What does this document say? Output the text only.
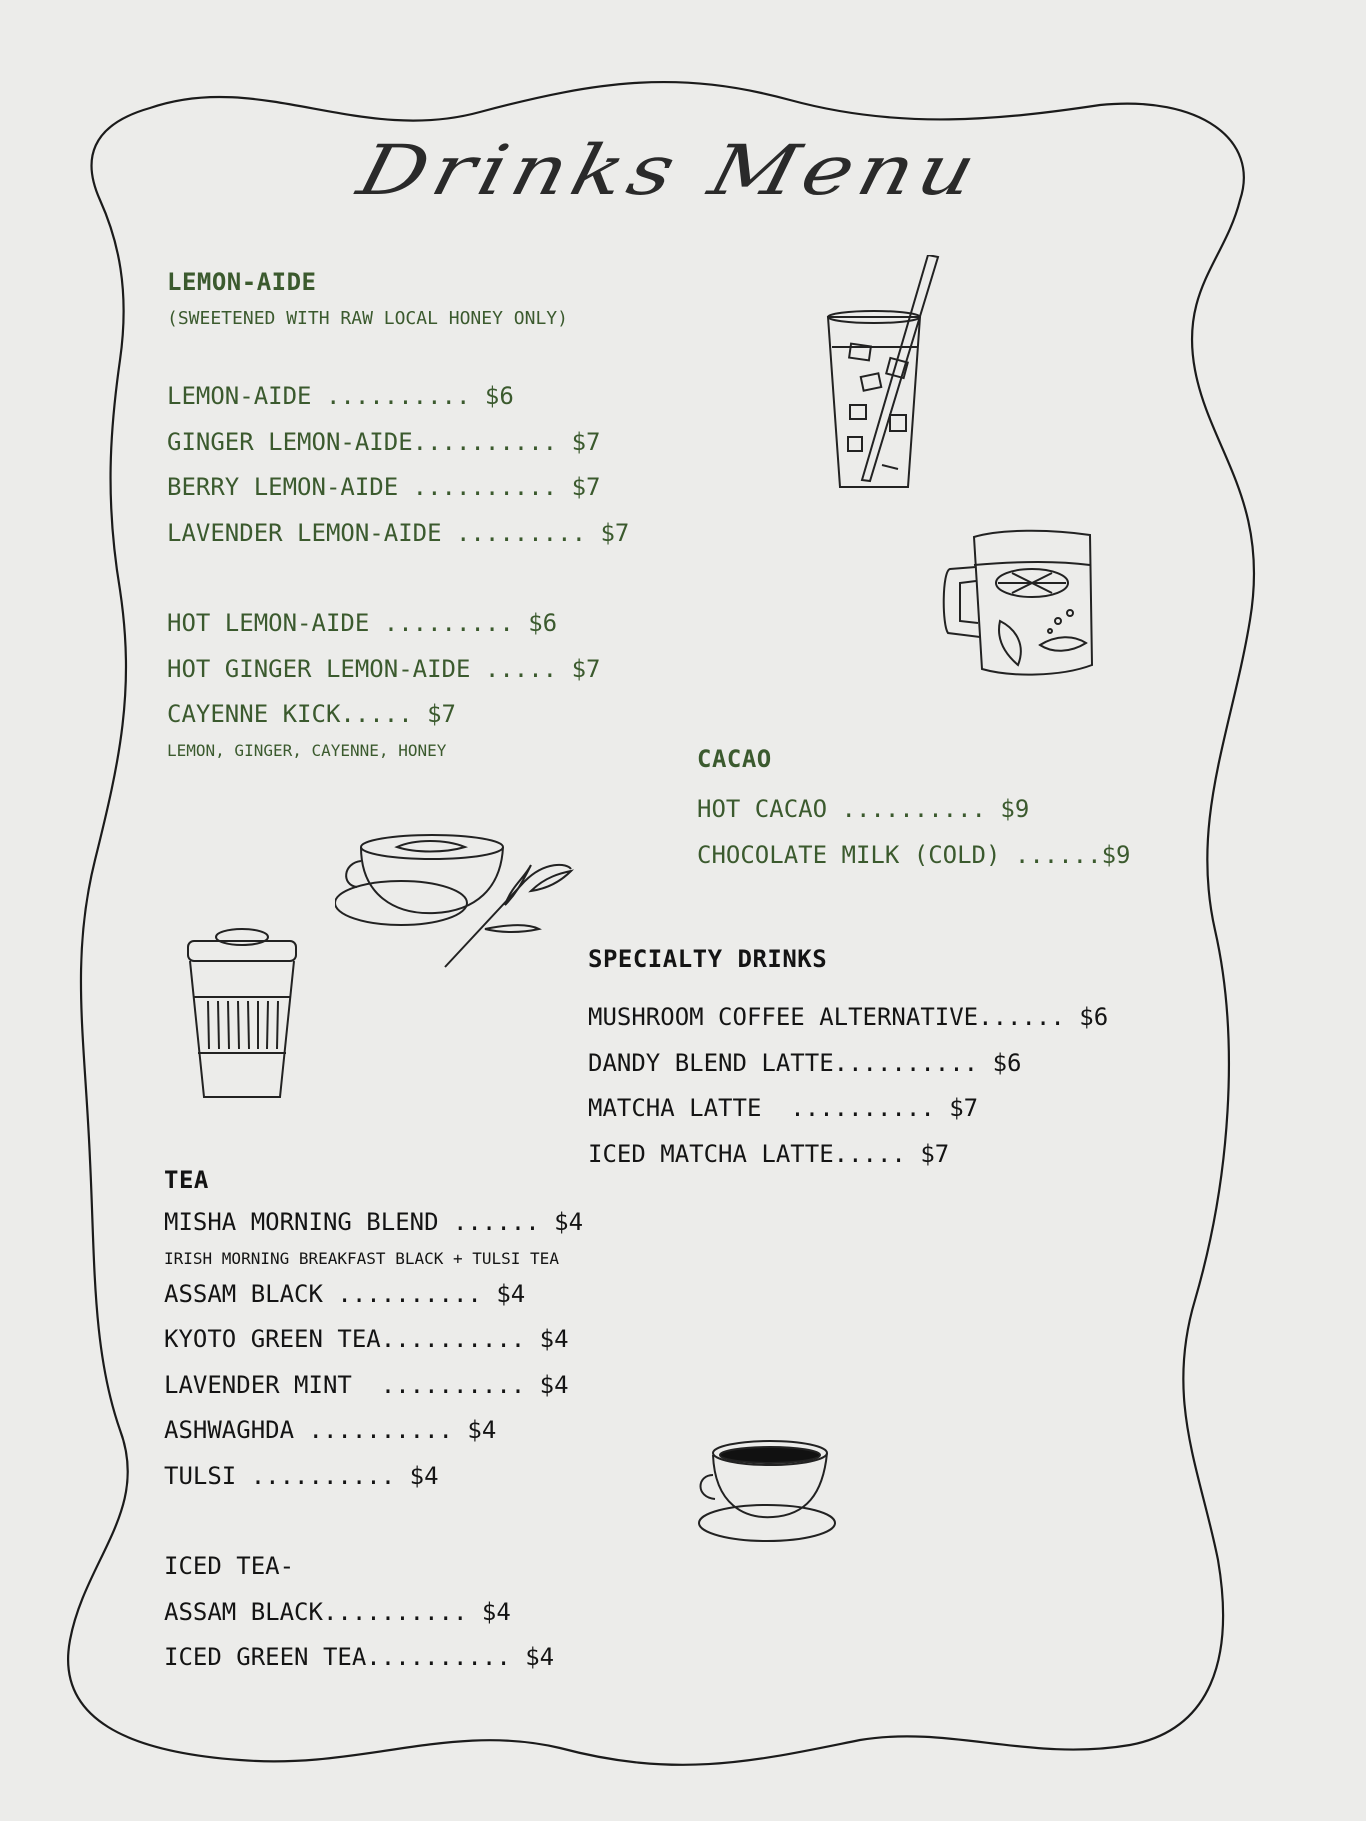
Drinks Menu
LEMON-AIDE
(SWEETENED WITH RAW LOCAL HONEY ONLY)
LEMON-AIDE .......... $6
GINGER LEMON-AIDE.......... $7
BERRY LEMON-AIDE .......... $7
LAVENDER LEMON-AIDE ......... $7
HOT LEMON-AIDE ......... $6
HOT GINGER LEMON-AIDE ..... $7
CAYENNE KICK..... $7
LEMON, GINGER, CAYENNE, HONEY	CACAO
HOT CACAO .......... $9
CHOCOLATE MILK (COLD) ......$9
SPECIALTY DRINKS
MUSHROOM COFFEE ALTERNATIVE...... $6
DANDY BLEND LATTE.......... $6
MATCHA LATTE  .......... $7
ICED MATCHA LATTE..... $7
TEA
MISHA MORNING BLEND ...... $4
IRISH MORNING BREAKFAST BLACK + TULSI TEA
ASSAM BLACK .......... $4
KYOTO GREEN TEA.......... $4
LAVENDER MINT  .......... $4
ASHWAGHDA .......... $4
TULSI .......... $4
ICED TEA-
ASSAM BLACK.......... $4
ICED GREEN TEA.......... $4
